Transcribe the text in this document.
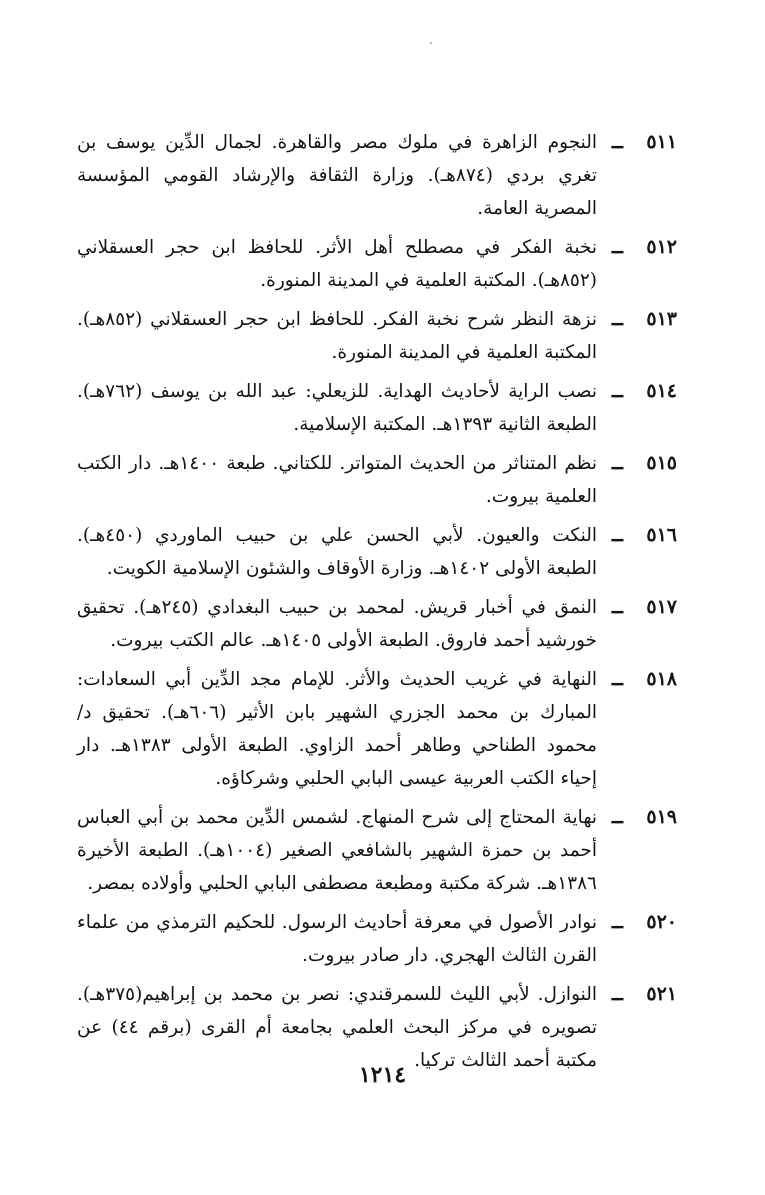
٥١١
ــ
النجوم الزاهرة في ملوك مصر والقاهرة. لجمال الدِّين يوسف بن تغري بردي (٨٧٤هـ). وزارة الثقافة والإرشاد القومي المؤسسة المصرية العامة.
٥١٢
ــ
نخبة الفكر في مصطلح أهل الأثر. للحافظ ابن حجر العسقلاني (٨٥٢هـ). المكتبة العلمية في المدينة المنورة.
٥١٣
ــ
نزهة النظر شرح نخبة الفكر. للحافظ ابن حجر العسقلاني (٨٥٢هـ). المكتبة العلمية في المدينة المنورة.
٥١٤
ــ
نصب الراية لأحاديث الهداية. للزيعلي: عبد الله بن يوسف (٧٦٢هـ). الطبعة الثانية ١٣٩٣هـ. المكتبة الإسلامية.
٥١٥
ــ
نظم المتناثر من الحديث المتواتر. للكتاني. طبعة ١٤٠٠هـ. دار الكتب العلمية بيروت.
٥١٦
ــ
النكت والعيون. لأبي الحسن علي بن حبيب الماوردي (٤٥٠هـ). الطبعة الأولى ١٤٠٢هـ. وزارة الأوقاف والشئون الإسلامية الكويت.
٥١٧
ــ
النمق في أخبار قريش. لمحمد بن حبيب البغدادي (٢٤٥هـ). تحقيق خورشيد أحمد فاروق. الطبعة الأولى ١٤٠٥هـ. عالم الكتب بيروت.
٥١٨
ــ
النهاية في غريب الحديث والأثر. للإمام مجد الدِّين أبي السعادات: المبارك بن محمد الجزري الشهير بابن الأثير (٦٠٦هـ). تحقيق د/ محمود الطناحي وطاهر أحمد الزاوي. الطبعة الأولى ١٣٨٣هـ. دار إحياء الكتب العربية عيسى البابي الحلبي وشركاؤه.
٥١٩
ــ
نهاية المحتاج إلى شرح المنهاج. لشمس الدِّين محمد بن أبي العباس أحمد بن حمزة الشهير بالشافعي الصغير (١٠٠٤هـ). الطبعة الأخيرة ١٣٨٦هـ. شركة مكتبة ومطبعة مصطفى البابي الحلبي وأولاده بمصر.
٥٢٠
ــ
نوادر الأصول في معرفة أحاديث الرسول. للحكيم الترمذي من علماء القرن الثالث الهجري. دار صادر بيروت.
٥٢١
ــ
النوازل. لأبي الليث للسمرقندي: نصر بن محمد بن إبراهيم(٣٧٥هـ). تصويره في مركز البحث العلمي بجامعة أم القرى (برقم ٤٤) عن مكتبة أحمد الثالث تركيا.
١٢١٤
